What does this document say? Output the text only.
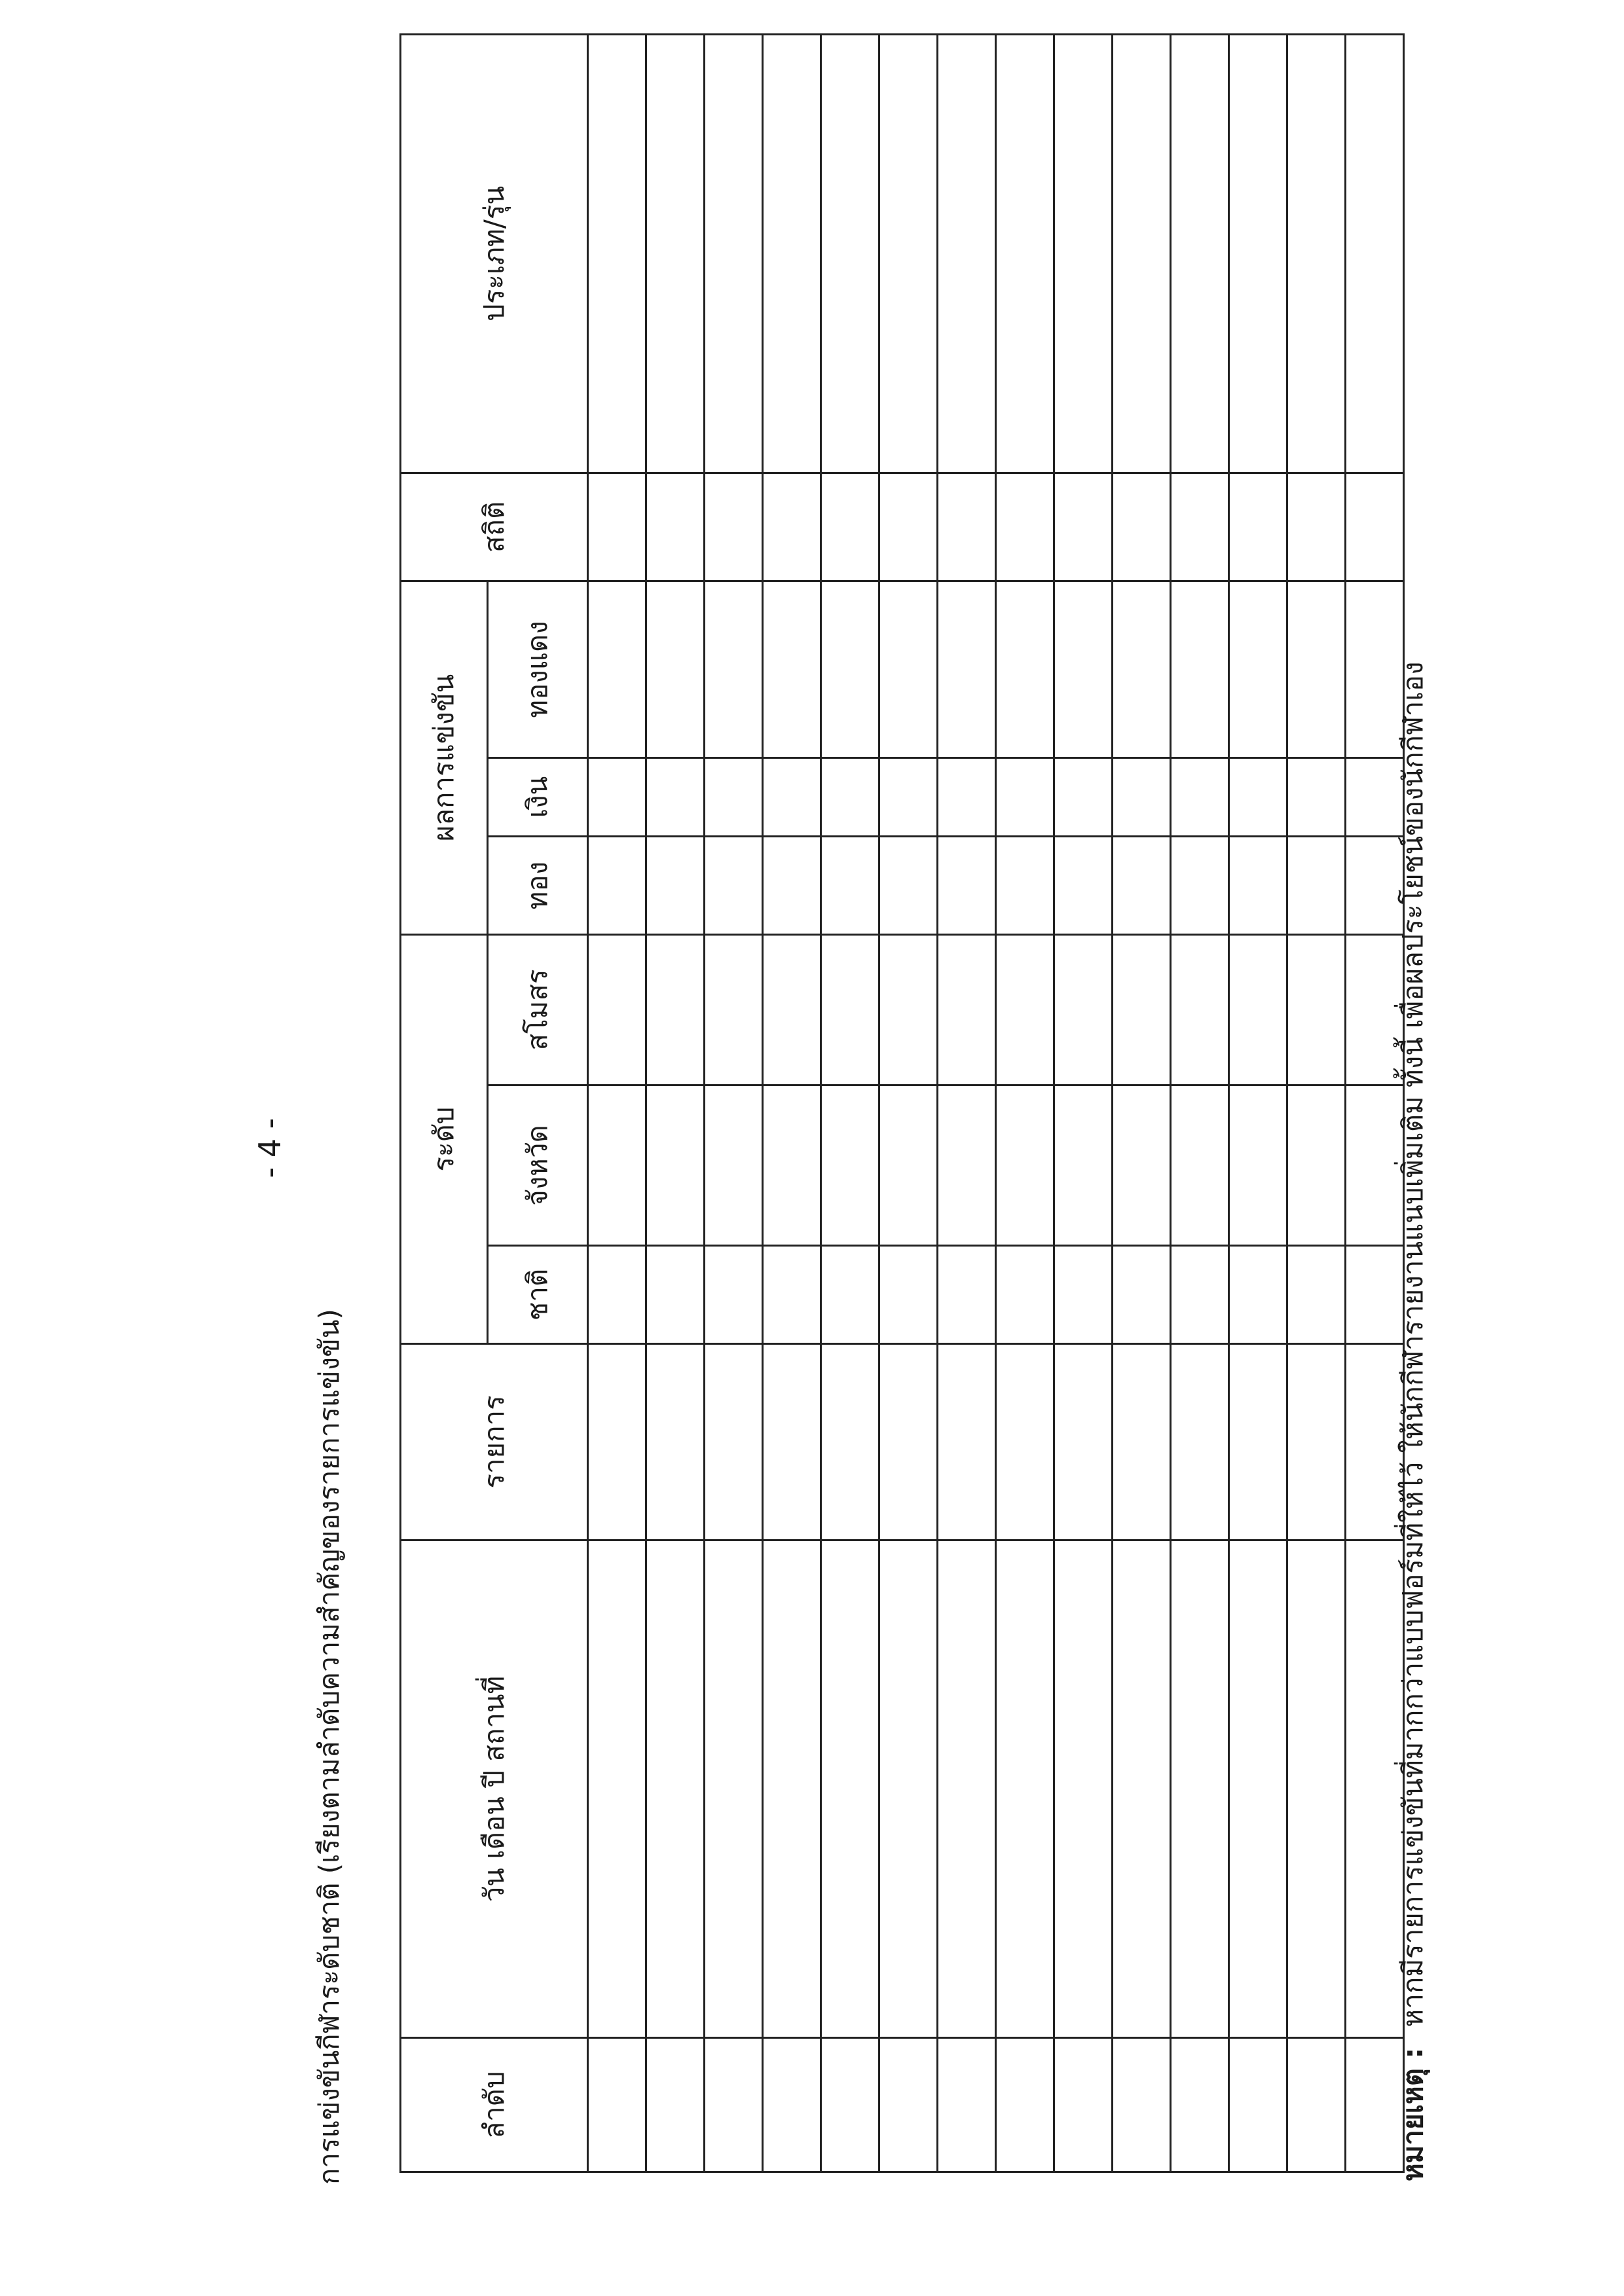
- 4 -
การแข่งขันกีฬาระดับชาติ (เรียงตามลำดับความสำคัญของรายการแข่งขัน)	ลำดับ	วัน เดือน ปี สถานที่	รายการ	ระดับ			ผลการแข่งขัน			สถิติ	ประเภท/รุ่น
			ชาติ	จังหวัด	สโมสร	ทอง	เงิน	ทองแดง		

หมายเหตุ : หากมีรายการแข่งขันที่มากกว่าแบบฟอร์มที่ให้ไว้ ให้นักกีฬารายงานแนบเพิ่มเติม ทั้งนี้ เพื่อผลประโยชน์ของนักกีฬาเอง
